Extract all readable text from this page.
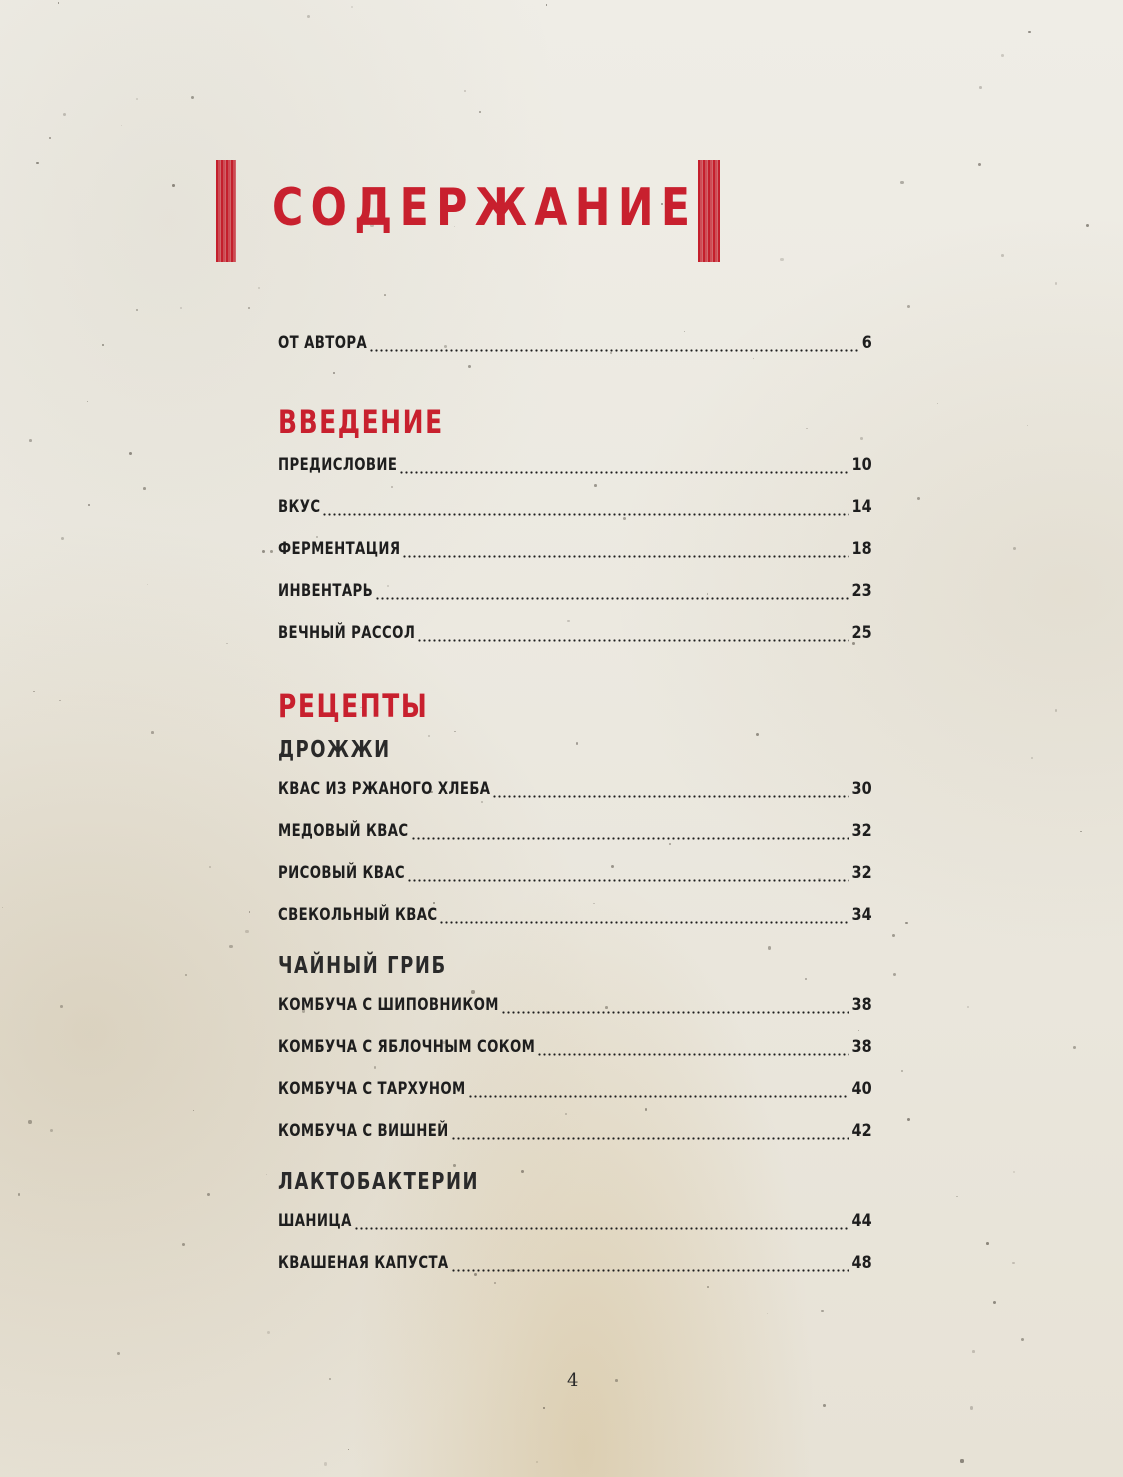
СОДЕРЖАНИЕ
ОТ АВТОРА	6
ВВЕДЕНИЕ
ПРЕДИСЛОВИЕ	10
ВКУС	14
ФЕРМЕНТАЦИЯ	18
ИНВЕНТАРЬ	23
ВЕЧНЫЙ РАССОЛ	25
РЕЦЕПТЫ
ДРОЖЖИ
КВАС ИЗ РЖАНОГО ХЛЕБА	30
МЕДОВЫЙ КВАС	32
РИСОВЫЙ КВАС	32
СВЕКОЛЬНЫЙ КВАС	34
ЧАЙНЫЙ ГРИБ
КОМБУЧА С ШИПОВНИКОМ	38
КОМБУЧА С ЯБЛОЧНЫМ СОКОМ	38
КОМБУЧА С ТАРХУНОМ	40
КОМБУЧА С ВИШНЕЙ	42
ЛАКТОБАКТЕРИИ
ШАНИЦА	44
КВАШЕНАЯ КАПУСТА	48
4
